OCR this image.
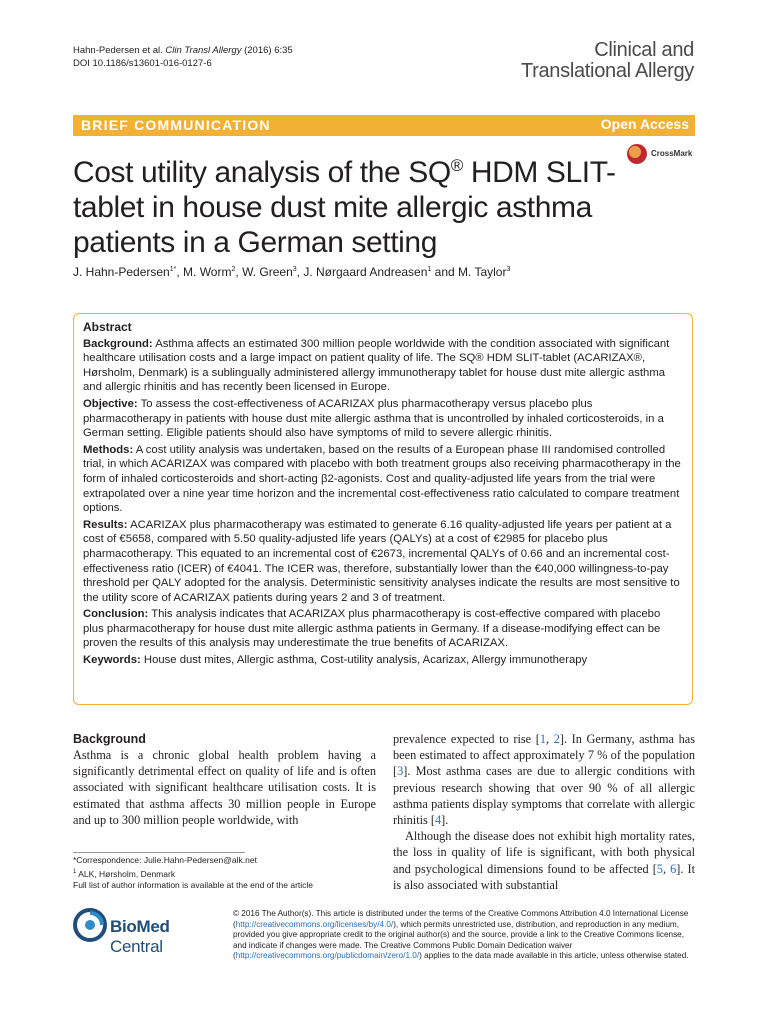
Hahn-Pedersen et al. Clin Transl Allergy (2016) 6:35
DOI 10.1186/s13601-016-0127-6
Clinical and
Translational Allergy
BRIEF COMMUNICATION	Open Access
CrossMark
Cost utility analysis of the SQ® HDM SLIT-tablet in house dust mite allergic asthma patients in a German setting
J. Hahn-Pedersen$^{1*}$, M. Worm$^2$, W. Green$^3$, J. Nørgaard Andreasen$^1$ and M. Taylor$^3$
Abstract

Background: Asthma affects an estimated 300 million people worldwide with the condition associated with significant healthcare utilisation costs and a large impact on patient quality of life. The SQ® HDM SLIT-tablet (ACARIZAX®, Hørsholm, Denmark) is a sublingually administered allergy immunotherapy tablet for house dust mite allergic asthma and allergic rhinitis and has recently been licensed in Europe.

Objective: To assess the cost-effectiveness of ACARIZAX plus pharmacotherapy versus placebo plus pharmacotherapy in patients with house dust mite allergic asthma that is uncontrolled by inhaled corticosteroids, in a German setting. Eligible patients should also have symptoms of mild to severe allergic rhinitis.

Methods: A cost utility analysis was undertaken, based on the results of a European phase III randomised controlled trial, in which ACARIZAX was compared with placebo with both treatment groups also receiving pharmacotherapy in the form of inhaled corticosteroids and short-acting β2-agonists. Cost and quality-adjusted life years from the trial were extrapolated over a nine year time horizon and the incremental cost-effectiveness ratio calculated to compare treatment options.

Results: ACARIZAX plus pharmacotherapy was estimated to generate 6.16 quality-adjusted life years per patient at a cost of €5658, compared with 5.50 quality-adjusted life years (QALYs) at a cost of €2985 for placebo plus pharmacotherapy. This equated to an incremental cost of €2673, incremental QALYs of 0.66 and an incremental cost-effectiveness ratio (ICER) of €4041. The ICER was, therefore, substantially lower than the €40,000 willingness-to-pay threshold per QALY adopted for the analysis. Deterministic sensitivity analyses indicate the results are most sensitive to the utility score of ACARIZAX patients during years 2 and 3 of treatment.

Conclusion: This analysis indicates that ACARIZAX plus pharmacotherapy is cost-effective compared with placebo plus pharmacotherapy for house dust mite allergic asthma patients in Germany. If a disease-modifying effect can be proven the results of this analysis may underestimate the true benefits of ACARIZAX.

Keywords: House dust mites, Allergic asthma, Cost-utility analysis, Acarizax, Allergy immunotherapy

Background

Asthma is a chronic global health problem having a significantly detrimental effect on quality of life and is often associated with significant healthcare utilisation costs. It is estimated that asthma affects 30 million people in Europe and up to 300 million people worldwide, with

prevalence expected to rise [1, 2]. In Germany, asthma has been estimated to affect approximately 7 % of the population [3]. Most asthma cases are due to allergic conditions with previous research showing that over 90 % of all allergic asthma patients display symptoms that correlate with allergic rhinitis [4].

Although the disease does not exhibit high mortality rates, the loss in quality of life is significant, with both physical and psychological dimensions found to be affected [5, 6]. It is also associated with substantial

*Correspondence: Julie.Hahn-Pedersen@alk.net
$^1$ ALK, Hørsholm, Denmark
Full list of author information is available at the end of the article
BioMed Central
© 2016 The Author(s). This article is distributed under the terms of the Creative Commons Attribution 4.0 International License (http://creativecommons.org/licenses/by/4.0/), which permits unrestricted use, distribution, and reproduction in any medium, provided you give appropriate credit to the original author(s) and the source, provide a link to the Creative Commons license, and indicate if changes were made. The Creative Commons Public Domain Dedication waiver (http://creativecommons.org/publicdomain/zero/1.0/) applies to the data made available in this article, unless otherwise stated.
